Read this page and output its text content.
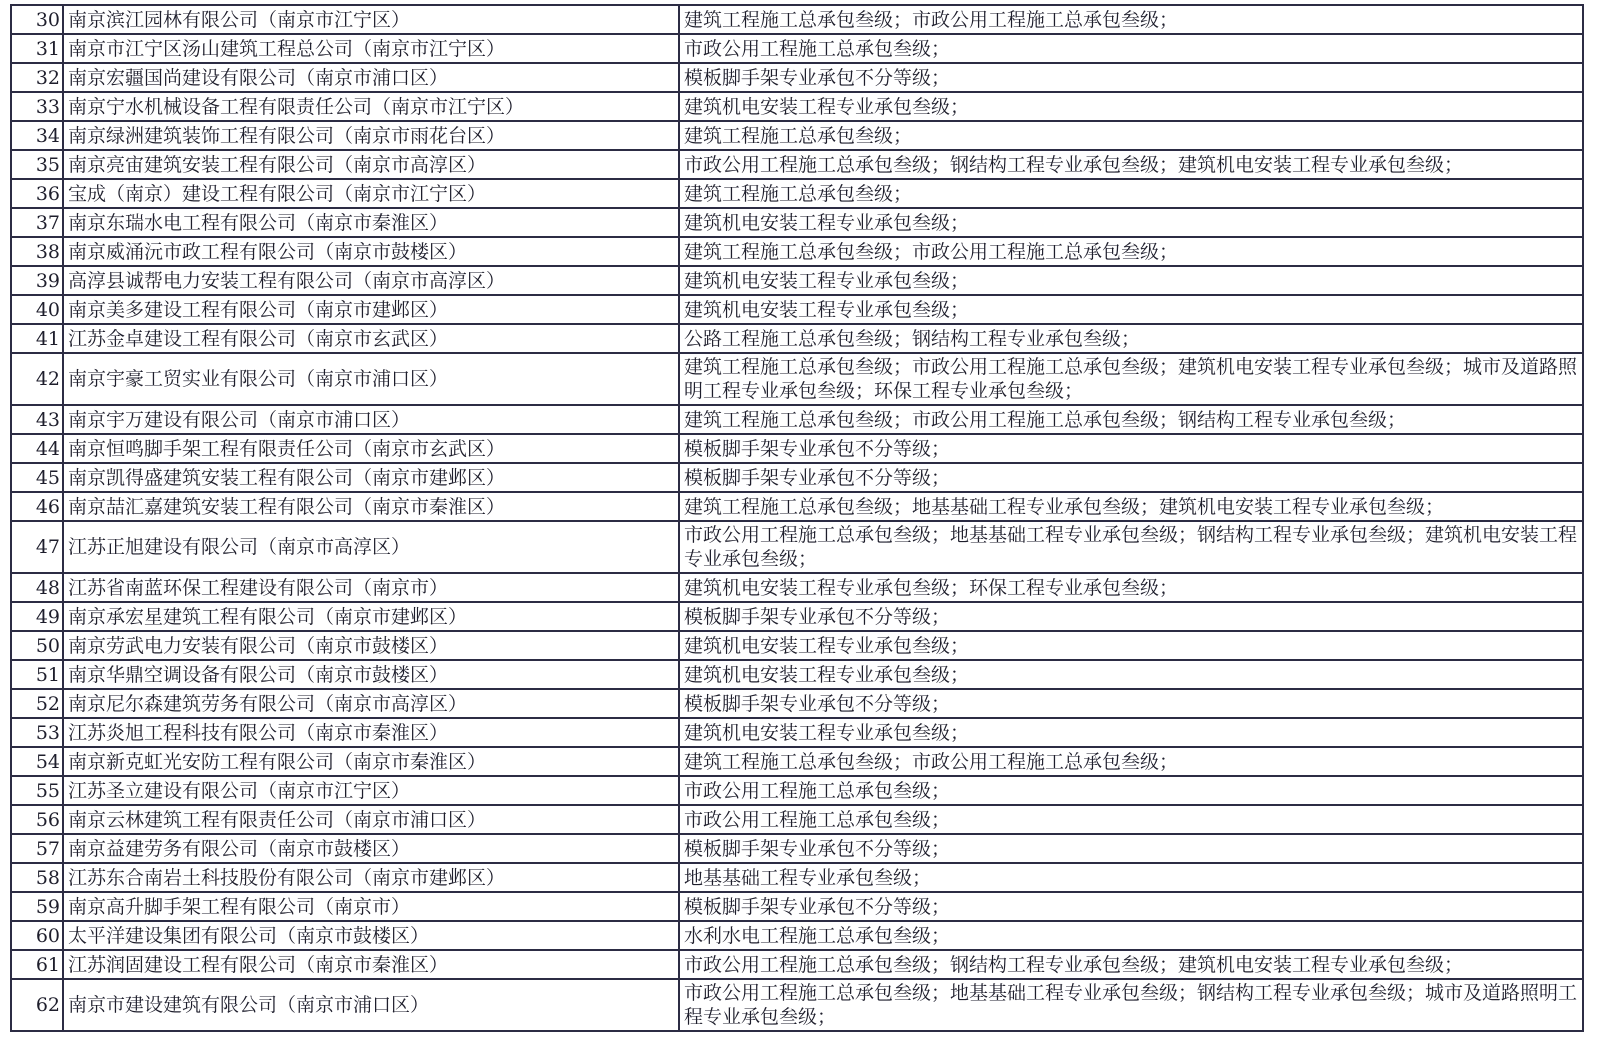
30	南京滨江园林有限公司（南京市江宁区）	建筑工程施工总承包叁级；市政公用工程施工总承包叁级；
31	南京市江宁区汤山建筑工程总公司（南京市江宁区）	市政公用工程施工总承包叁级；
32	南京宏疆国尚建设有限公司（南京市浦口区）	模板脚手架专业承包不分等级；
33	南京宁水机械设备工程有限责任公司（南京市江宁区）	建筑机电安装工程专业承包叁级；
34	南京绿洲建筑装饰工程有限公司（南京市雨花台区）	建筑工程施工总承包叁级；
35	南京亮宙建筑安装工程有限公司（南京市高淳区）	市政公用工程施工总承包叁级；钢结构工程专业承包叁级；建筑机电安装工程专业承包叁级；
36	宝成（南京）建设工程有限公司（南京市江宁区）	建筑工程施工总承包叁级；
37	南京东瑞水电工程有限公司（南京市秦淮区）	建筑机电安装工程专业承包叁级；
38	南京威涌沅市政工程有限公司（南京市鼓楼区）	建筑工程施工总承包叁级；市政公用工程施工总承包叁级；
39	高淳县诚帮电力安装工程有限公司（南京市高淳区）	建筑机电安装工程专业承包叁级；
40	南京美多建设工程有限公司（南京市建邺区）	建筑机电安装工程专业承包叁级；
41	江苏金卓建设工程有限公司（南京市玄武区）	公路工程施工总承包叁级；钢结构工程专业承包叁级；
42	南京宇豪工贸实业有限公司（南京市浦口区）	建筑工程施工总承包叁级；市政公用工程施工总承包叁级；建筑机电安装工程专业承包叁级；城市及道路照明工程专业承包叁级；环保工程专业承包叁级；
43	南京宇万建设有限公司（南京市浦口区）	建筑工程施工总承包叁级；市政公用工程施工总承包叁级；钢结构工程专业承包叁级；
44	南京恒鸣脚手架工程有限责任公司（南京市玄武区）	模板脚手架专业承包不分等级；
45	南京凯得盛建筑安装工程有限公司（南京市建邺区）	模板脚手架专业承包不分等级；
46	南京喆汇嘉建筑安装工程有限公司（南京市秦淮区）	建筑工程施工总承包叁级；地基基础工程专业承包叁级；建筑机电安装工程专业承包叁级；
47	江苏正旭建设有限公司（南京市高淳区）	市政公用工程施工总承包叁级；地基基础工程专业承包叁级；钢结构工程专业承包叁级；建筑机电安装工程专业承包叁级；
48	江苏省南蓝环保工程建设有限公司（南京市）	建筑机电安装工程专业承包叁级；环保工程专业承包叁级；
49	南京承宏星建筑工程有限公司（南京市建邺区）	模板脚手架专业承包不分等级；
50	南京劳武电力安装有限公司（南京市鼓楼区）	建筑机电安装工程专业承包叁级；
51	南京华鼎空调设备有限公司（南京市鼓楼区）	建筑机电安装工程专业承包叁级；
52	南京尼尔森建筑劳务有限公司（南京市高淳区）	模板脚手架专业承包不分等级；
53	江苏炎旭工程科技有限公司（南京市秦淮区）	建筑机电安装工程专业承包叁级；
54	南京新克虹光安防工程有限公司（南京市秦淮区）	建筑工程施工总承包叁级；市政公用工程施工总承包叁级；
55	江苏圣立建设有限公司（南京市江宁区）	市政公用工程施工总承包叁级；
56	南京云林建筑工程有限责任公司（南京市浦口区）	市政公用工程施工总承包叁级；
57	南京益建劳务有限公司（南京市鼓楼区）	模板脚手架专业承包不分等级；
58	江苏东合南岩土科技股份有限公司（南京市建邺区）	地基基础工程专业承包叁级；
59	南京高升脚手架工程有限公司（南京市）	模板脚手架专业承包不分等级；
60	太平洋建设集团有限公司（南京市鼓楼区）	水利水电工程施工总承包叁级；
61	江苏润固建设工程有限公司（南京市秦淮区）	市政公用工程施工总承包叁级；钢结构工程专业承包叁级；建筑机电安装工程专业承包叁级；
62	南京市建设建筑有限公司（南京市浦口区）	市政公用工程施工总承包叁级；地基基础工程专业承包叁级；钢结构工程专业承包叁级；城市及道路照明工程专业承包叁级；
